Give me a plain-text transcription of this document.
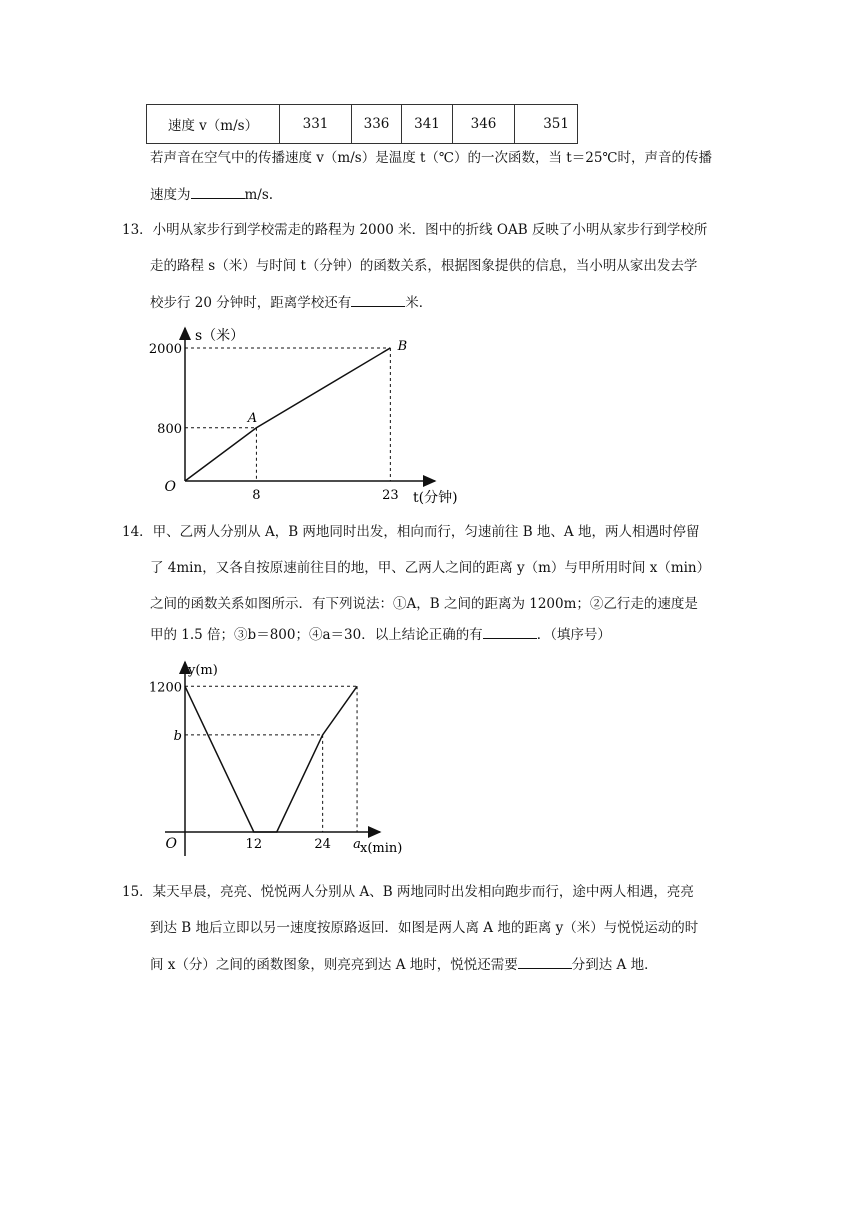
速度 v（m/s）	331	336	341	346	351
若声音在空气中的传播速度 v（m/s）是温度 t（℃）的一次函数，当 t＝25℃时，声音的传播
速度为	m/s.
13．小明从家步行到学校需走的路程为 2000 米．图中的折线 OAB 反映了小明从家步行到学校所
走的路程 s（米）与时间 t（分钟）的函数关系，根据图象提供的信息，当小明从家出发去学
校步行 20 分钟时，距离学校还有	米．
O
s（米）
t(分钟)
800
2000
8	23
A
B
14．甲、乙两人分别从 A，B 两地同时出发，相向而行，匀速前往 B 地、A 地，两人相遇时停留
了 4min，又各自按原速前往目的地，甲、乙两人之间的距离 y（m）与甲所用时间 x（min）
之间的函数关系如图所示．有下列说法：①A，B 之间的距离为 1200m；②乙行走的速度是
甲的 1.5 倍；③b＝800；④a＝30．以上结论正确的有	．（填序号）
O
y(m)
x(min)
1200
b
12	24 a
15．某天早晨，亮亮、悦悦两人分别从 A、B 两地同时出发相向跑步而行，途中两人相遇，亮亮
到达 B 地后立即以另一速度按原路返回．如图是两人离 A 地的距离 y（米）与悦悦运动的时
间 x（分）之间的函数图象，则亮亮到达 A 地时，悦悦还需要	分到达 A 地．
